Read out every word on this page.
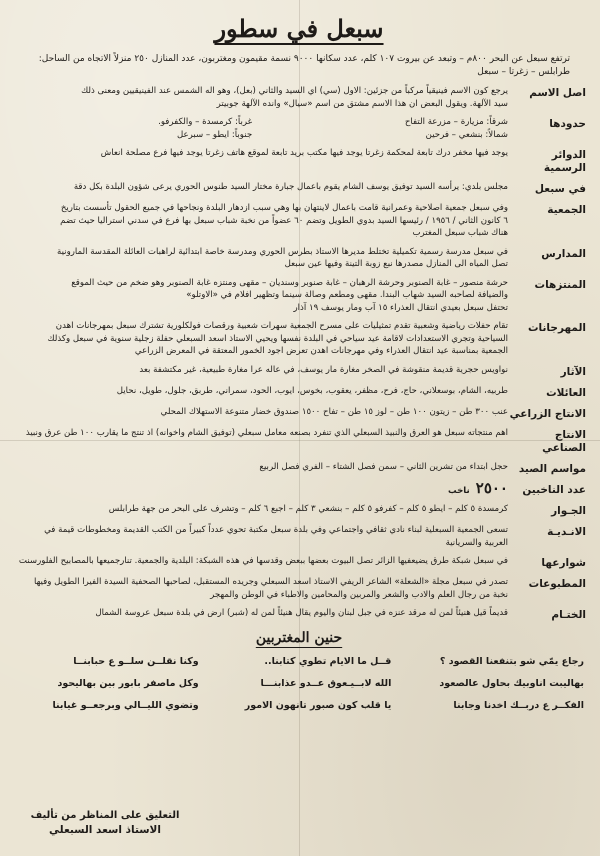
سبعل في سطور
ترتفع سبعل عن البحر ٨٠٠م – وتبعد عن بيروت ١٠٧ كلم، عدد سكانها ٩٠٠٠ نسمة مقيمون ومغتربون، عدد المنازل ٢٥٠ منزلاً الاتجاه من الساحل: طرابلس – زغرتا – سبعل
اصل الاسم
يرجع كون الاسم فينيقياً مركباً من جزئين: الاول (سي) اي السيد والثاني (بعل)، وهو اله الشمس عند الفينيقيين ومعنى ذلك
سيد الآلهة. ويقول البعض ان هذا الاسم مشتق من اسم «سيال» وانده الآلهة جوبيتر
حدودها
شرقاً: مزيارة – مزرعة التفاح
غرباً: كرمسدة – والكفرفو.
شمالاً: بنشعي – فرحين
جنوباً: ايطو – سبرعل
الدوائر الرسمية
يوجد فيها مخفر درك تابعة لمحكمة زغرتا يوجد فيها مكتب بريد تابعة لموقع هاتف زغرتا يوجد فيها فرع مصلحة انعاش
في سبعل
مجلس بلدي: يرأسه السيد توفيق يوسف الشام يقوم باعمال جبارة مختار السيد طنوس الحوري يرعى شؤون البلدة بكل دقة
الجمعية
وفي سبعل جمعية اصلاحية وعمرانية قامت باعمال لاينتهان بها وهي سبب ازدهار البلدة ونجاحها في جميع الحقول تأسست بتاريخ
٦ كانون الثاني / ١٩٥٦ / رئيسها السيد بدوي الطويل وتضم ٦٠ عضواً من نخبة شباب سبعل بها فرع في سدني استراليا حيث تضم
هناك شباب سبعل المغترب
المدارس
في سبعل مدرسة رسمية تكميلية تختلط مديرها الاستاذ بطرس الحوري ومدرسة خاصة ابتدائية لراهبات العائلة المقدسة المارونية
تصل المياه الى المنازل مصدرها نبع زوبة التينة وفيها عين سبعل
المنتزهات
حرشة منصور – غابة الصنوبر وحرشة الرهبان – غابة صنوبر وسنديان – مقهى ومنتزه غابة الصنوبر وهو ضخم من حيث الموقع
والضيافة لصاحبه السيد شهاب البندا. مقهى ومطعم وصالة سينما وتظهير افلام في «الاوتلو»
تحتفل سبعل بعيدي انتقال العذراء ١٥ آب ومار يوسف ١٩ آذار
المهرجانات
تقام حفلات رياضية وشعبية تقدم تمثيليات على مسرح الجمعية سهرات شعبية ورقصات فولكلورية تشترك سبعل بمهرجانات اهدن
السياحية وتجري الاستعدادات لاقامة عيد سياحي في البلدة نفسها ويحيي الاستاذ اسعد السبعلي حفلة زجلية سنوية في سبعل وكذلك
الجمعية بمناسبة عيد انتقال العذراء وفي مهرجانات اهدن تعرض اجود الخمور المعتقة في المعرض الزراعي
الآثار
نواويس حجرية قديمة منقوشة في الصخر مغارة مار يوسف، في عاله عرا مغارة طبيعية، غير مكتشفة بعد
العائلات
طربيه، الشام، بوسعلاني، حاج، فرح، مظفر، يعقوب، بخوس، ايوب، الحود، سمراني، طربق، جلول، طويل، نحايل
الانتاج الزراعي
عنب ٣٠٠ طن – زيتون ١٠٠ طن – لوز ١٥ طن – تفاح ١٥٠٠ صندوق خضار متنوعة الاستهلاك المحلي
الانتاج الصناعي
اهم منتجاته سبعل هو العرق والنبيذ السبعلي الذي تنفرد بصنعه معامل سبعلي (توفيق الشام واخوانه) اذ تنتج ما يقارب ١٠٠ طن عرق ونبيذ
مواسم الصيد
حجل ابتداء من تشرين الثاني – سمن فصل الشتاء – الفري فصل الربيع
عدد الناخبين
٢٥٠٠ناخب
الجـوار
كرمسدة ٥ كلم – ايطو ٥ كلم – كفرفو ٥ كلم – بنشعي ٣ كلم – اجبع ٦ كلم – وتشرف على البحر من جهة طرابلس
الانـديـة
تسعى الجمعية السبعلية لبناء نادي ثقافي واجتماعي وفي بلدة سبعل مكتبة تحوي عدداً كبيراً من الكتب القديمة ومخطوطات قيمة في
العربية والسريانية
شوارعها
في سبعل شبكة طرق يضيعفيها الزائر تصل البيوت بعضها ببعض وقدسها في هذه الشبكة: البلدية والجمعية. تنارجميعها بالمصابيح الفلورسنت
المطبوعات
تصدر في سبعل مجلة «الشعلة» الشاعر الريفي الاستاذ اسعد السبعلي وجريده المستقبل، لصاحبها الصحفية السيدة الفيرا الطويل وفيها
نخبة من رجال العلم والادب والشعر والمربين والمحامين والاطباء في الوطن والمهجر
الختـام
قديماً قيل هنيئاً لمن له مرقد عنزه في جبل لبنان واليوم يقال هنيئاً لمن له (شبر) ارض في بلدة سبعل عروسة الشمال
حنين المغتربين
رجاع يمّي شو بتنفعنا القصود ؟
قــل ما الايام تطوي كتابنا..
وكنا نقلــن سلــو ع حبابنــا
بهاليبت اناوبيك بحاول عالصعود
الله لابــيـعوق عــدو عذابنـــا
وكل ماصفر بابور بين بهاليحود
الفكــر ع دربــك اخدنا وجابنا
يا قلب كون صبور تانهون الامور
وتضوي الليــالي وبرجعــو غيابنا
التعليق على المناظر من تأليف
الاستاذ اسعد السبعلي
